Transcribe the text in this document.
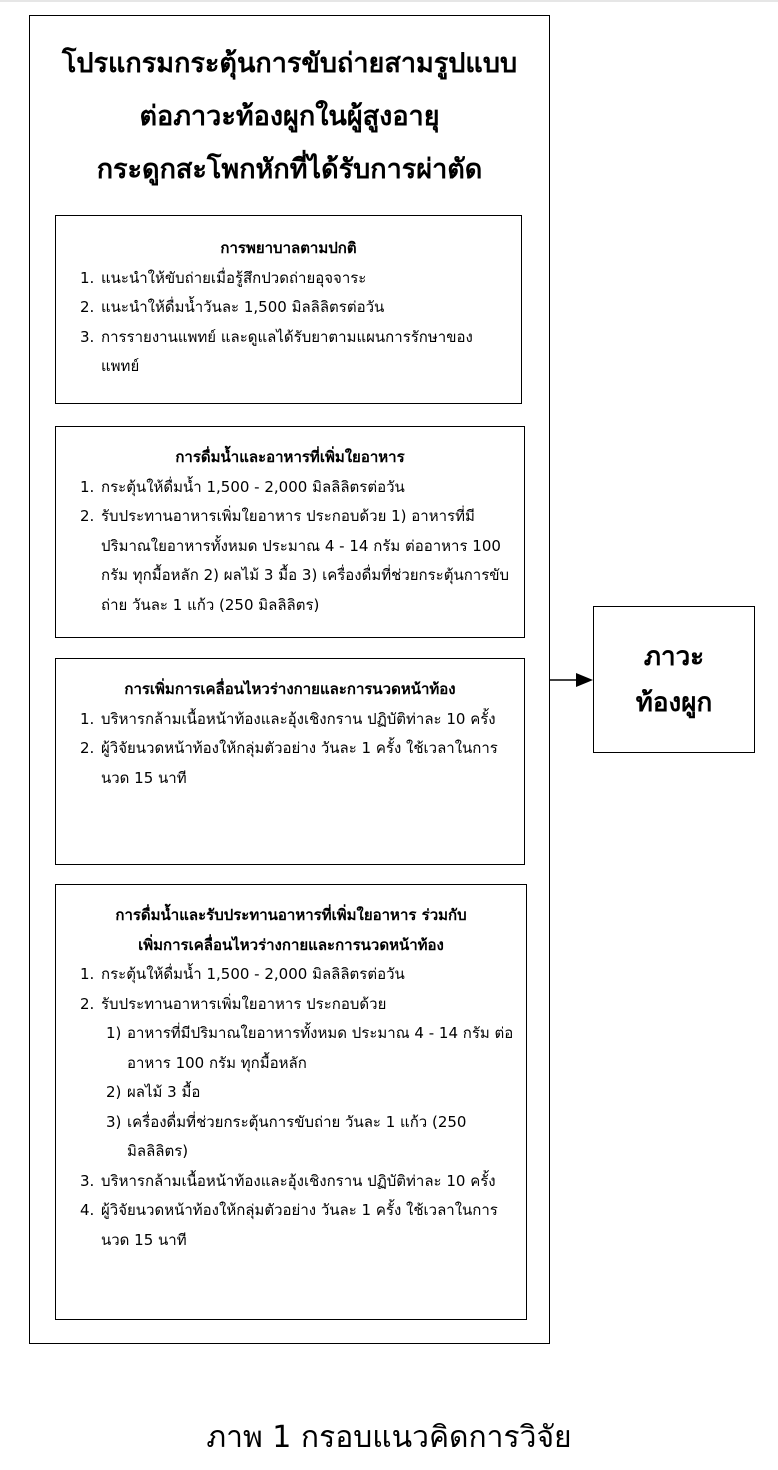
โปรแกรมกระตุ้นการขับถ่ายสามรูปแบบ
ต่อภาวะท้องผูกในผู้สูงอายุ
กระดูกสะโพกหักที่ได้รับการผ่าตัด
การพยาบาลตามปกติ
1. แนะนำให้ขับถ่ายเมื่อรู้สึกปวดถ่ายอุจจาระ
2. แนะนำให้ดื่มน้ำวันละ 1,500 มิลลิลิตรต่อวัน
3. การรายงานแพทย์ และดูแลได้รับยาตามแผนการรักษาของแพทย์
การดื่มน้ำและอาหารที่เพิ่มใยอาหาร
1. กระตุ้นให้ดื่มน้ำ 1,500 - 2,000 มิลลิลิตรต่อวัน
2. รับประทานอาหารเพิ่มใยอาหาร ประกอบด้วย 1) อาหารที่มีปริมาณใยอาหารทั้งหมด ประมาณ 4 - 14 กรัม ต่ออาหาร 100 กรัม ทุกมื้อหลัก 2) ผลไม้ 3 มื้อ 3) เครื่องดื่มที่ช่วยกระตุ้นการขับถ่าย วันละ 1 แก้ว (250 มิลลิลิตร)
การเพิ่มการเคลื่อนไหวร่างกายและการนวดหน้าท้อง
1. บริหารกล้ามเนื้อหน้าท้องและอุ้งเชิงกราน ปฏิบัติท่าละ 10 ครั้ง
2. ผู้วิจัยนวดหน้าท้องให้กลุ่มตัวอย่าง วันละ 1 ครั้ง ใช้เวลาในการนวด 15 นาที
การดื่มน้ำและรับประทานอาหารที่เพิ่มใยอาหาร ร่วมกับ
เพิ่มการเคลื่อนไหวร่างกายและการนวดหน้าท้อง
1. กระตุ้นให้ดื่มน้ำ 1,500 - 2,000 มิลลิลิตรต่อวัน
2. รับประทานอาหารเพิ่มใยอาหาร ประกอบด้วย
1) อาหารที่มีปริมาณใยอาหารทั้งหมด ประมาณ 4 - 14 กรัม ต่ออาหาร 100 กรัม ทุกมื้อหลัก
2) ผลไม้ 3 มื้อ
3) เครื่องดื่มที่ช่วยกระตุ้นการขับถ่าย วันละ 1 แก้ว (250 มิลลิลิตร)
3. บริหารกล้ามเนื้อหน้าท้องและอุ้งเชิงกราน ปฏิบัติท่าละ 10 ครั้ง
4. ผู้วิจัยนวดหน้าท้องให้กลุ่มตัวอย่าง วันละ 1 ครั้ง ใช้เวลาในการนวด 15 นาที
ภาวะ
ท้องผูก
ภาพ 1 กรอบแนวคิดการวิจัย
